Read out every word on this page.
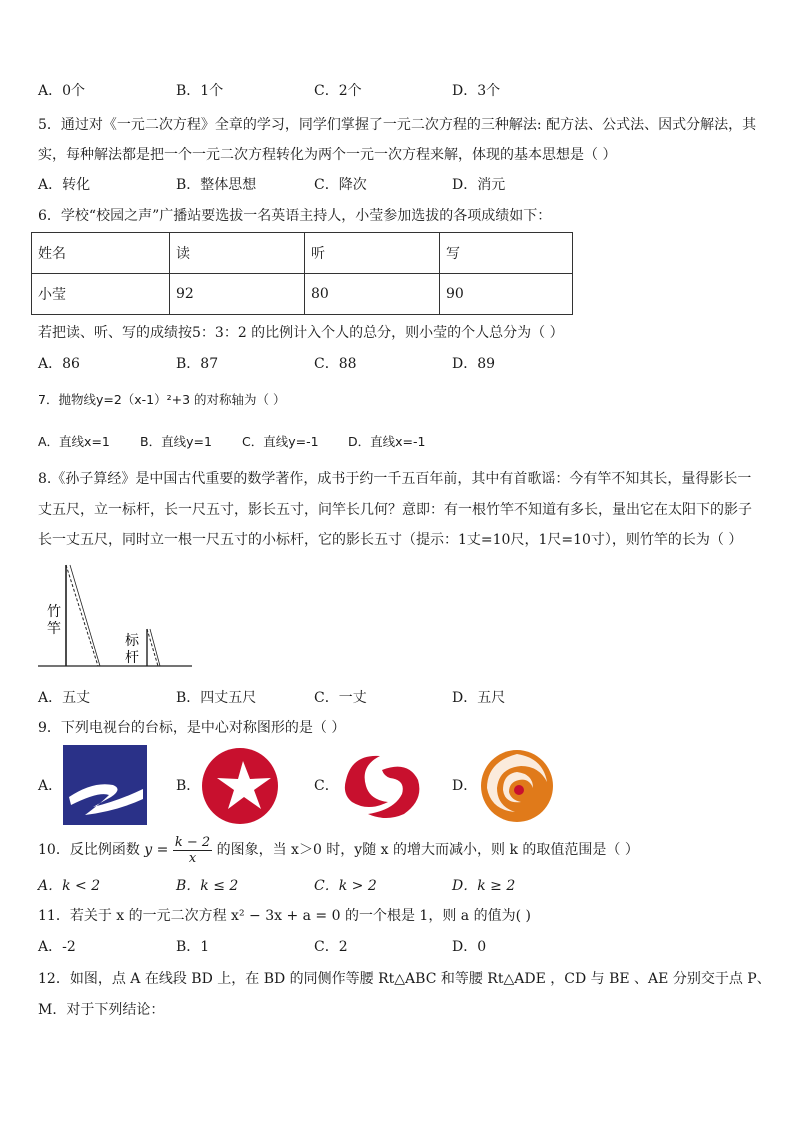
A．0个	B．1个	C．2个	D．3个
5．通过对《一元二次方程》全章的学习，同学们掌握了一元二次方程的三种解法: 配方法、公式法、因式分解法，其
实，每种解法都是把一个一元二次方程转化为两个一元一次方程来解，体现的基本思想是（ ）
A．转化	B．整体思想	C．降次	D．消元
6．学校“校园之声”广播站要选拔一名英语主持人，小莹参加选拔的各项成绩如下：
姓名	读	听	写
小莹	92	80	90
若把读、听、写的成绩按5：3：2 的比例计入个人的总分，则小莹的个人总分为（ ）
A．86	B．87	C．88	D．89
7．抛物线y=2（x-1）²+3 的对称轴为（ ）
A．直线x=1 B．直线y=1 C．直线y=-1 D．直线x=-1
8.《孙子算经》是中国古代重要的数学著作，成书于约一千五百年前，其中有首歌谣：今有竿不知其长，量得影长一
丈五尺，立一标杆，长一尺五寸，影长五寸，问竿长几何？意即：有一根竹竿不知道有多长，量出它在太阳下的影子
长一丈五尺，同时立一根一尺五寸的小标杆，它的影长五寸（提示：1丈=10尺，1尺=10寸），则竹竿的长为（ ）
竹
竿
标
杆
A．五丈	B．四丈五尺	C．一丈	D．五尺
9．下列电视台的台标，是中心对称图形的是（ ）
A．	B．	C．	D．
10．反比例函数 $y = \frac{k - 2}{x}$ 的图象，当 x＞0 时，y随 x 的增大而减小，则 k 的取值范围是（ ）
A．k < 2	B．k ≤ 2	C．k > 2	D．k ≥ 2
11．若关于 x 的一元二次方程 x² − 3x + a = 0 的一个根是 1，则 a 的值为( )
A．-2	B．1	C．2	D．0
12．如图，点 A 在线段 BD 上，在 BD 的同侧作等腰 Rt△ABC 和等腰 Rt△ADE ，CD 与 BE 、AE 分别交于点 P、
M．对于下列结论：
